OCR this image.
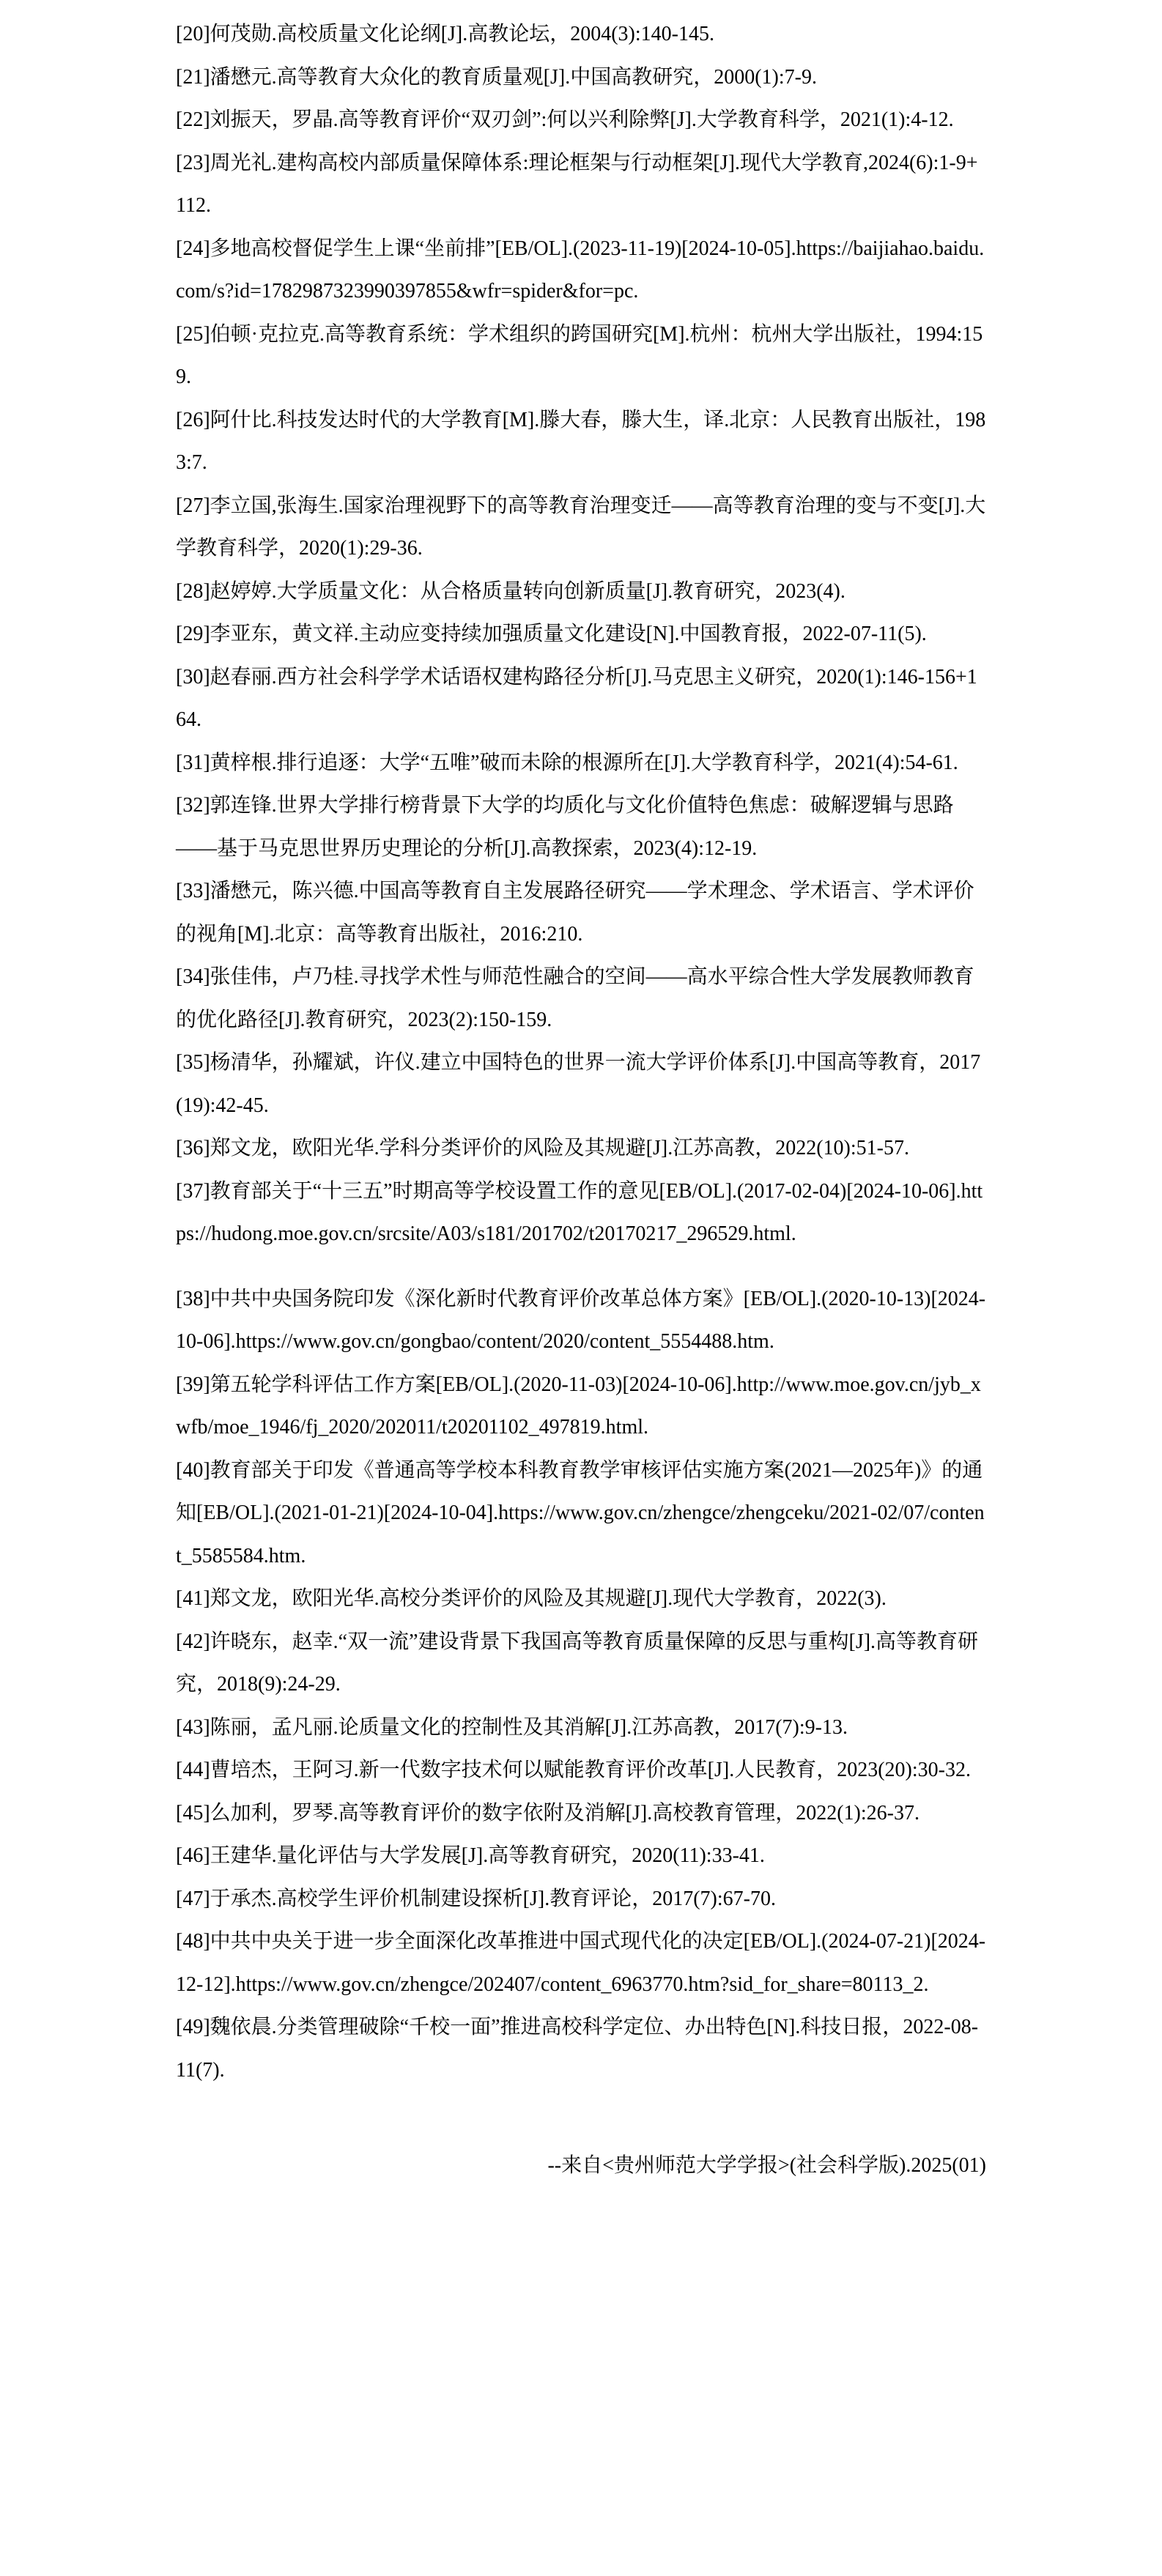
[20]何茂勋.高校质量文化论纲[J].高教论坛，2004(3):140-145.

[21]潘懋元.高等教育大众化的教育质量观[J].中国高教研究，2000(1):7-9.

[22]刘振天，罗晶.高等教育评价“双刃剑”:何以兴利除弊[J].大学教育科学，2021(1):4-12.

[23]周光礼.建构高校内部质量保障体系:理论框架与行动框架[J].现代大学教育,2024(6):1-9+112.

[24]多地高校督促学生上课“坐前排”[EB/OL].(2023-11-19)[2024-10-05].https://baijiahao.baidu.com/s?id=1782987323990397855&wfr=spider&for=pc.

[25]伯顿·克拉克.高等教育系统：学术组织的跨国研究[M].杭州：杭州大学出版社，1994:159.

[26]阿什比.科技发达时代的大学教育[M].滕大春，滕大生，译.北京：人民教育出版社，1983:7.

[27]李立国,张海生.国家治理视野下的高等教育治理变迁——高等教育治理的变与不变[J].大学教育科学，2020(1):29-36.

[28]赵婷婷.大学质量文化：从合格质量转向创新质量[J].教育研究，2023(4).

[29]李亚东，黄文祥.主动应变持续加强质量文化建设[N].中国教育报，2022-07-11(5).

[30]赵春丽.西方社会科学学术话语权建构路径分析[J].马克思主义研究，2020(1):146-156+164.

[31]黄梓根.排行追逐：大学“五唯”破而未除的根源所在[J].大学教育科学，2021(4):54-61.

[32]郭连锋.世界大学排行榜背景下大学的均质化与文化价值特色焦虑：破解逻辑与思路——基于马克思世界历史理论的分析[J].高教探索，2023(4):12-19.

[33]潘懋元，陈兴德.中国高等教育自主发展路径研究——学术理念、学术语言、学术评价的视角[M].北京：高等教育出版社，2016:210.

[34]张佳伟，卢乃桂.寻找学术性与师范性融合的空间——高水平综合性大学发展教师教育的优化路径[J].教育研究，2023(2):150-159.

[35]杨清华，孙耀斌，许仪.建立中国特色的世界一流大学评价体系[J].中国高等教育，2017(19):42-45.

[36]郑文龙，欧阳光华.学科分类评价的风险及其规避[J].江苏高教，2022(10):51-57.

[37]教育部关于“十三五”时期高等学校设置工作的意见[EB/OL].(2017-02-04)[2024-10-06].https://hudong.moe.gov.cn/srcsite/A03/s181/201702/t20170217_296529.html.

[38]中共中央国务院印发《深化新时代教育评价改革总体方案》[EB/OL].(2020-10-13)[2024-10-06].https://www.gov.cn/gongbao/content/2020/content_5554488.htm.

[39]第五轮学科评估工作方案[EB/OL].(2020-11-03)[2024-10-06].http://www.moe.gov.cn/jyb_xwfb/moe_1946/fj_2020/202011/t20201102_497819.html.

[40]教育部关于印发《普通高等学校本科教育教学审核评估实施方案(2021—2025年)》的通知[EB/OL].(2021-01-21)[2024-10-04].https://www.gov.cn/zhengce/zhengceku/2021-02/07/content_5585584.htm.

[41]郑文龙，欧阳光华.高校分类评价的风险及其规避[J].现代大学教育，2022(3).

[42]许晓东，赵幸.“双一流”建设背景下我国高等教育质量保障的反思与重构[J].高等教育研究，2018(9):24-29.

[43]陈丽，孟凡丽.论质量文化的控制性及其消解[J].江苏高教，2017(7):9-13.

[44]曹培杰，王阿习.新一代数字技术何以赋能教育评价改革[J].人民教育，2023(20):30-32.

[45]么加利，罗琴.高等教育评价的数字依附及消解[J].高校教育管理，2022(1):26-37.

[46]王建华.量化评估与大学发展[J].高等教育研究，2020(11):33-41.

[47]于承杰.高校学生评价机制建设探析[J].教育评论，2017(7):67-70.

[48]中共中央关于进一步全面深化改革推进中国式现代化的决定[EB/OL].(2024-07-21)[2024-12-12].https://www.gov.cn/zhengce/202407/content_6963770.htm?sid_for_share=80113_2.

[49]魏依晨.分类管理破除“千校一面”推进高校科学定位、办出特色[N].科技日报，2022-08-11(7).

--来自<贵州师范大学学报>(社会科学版).2025(01)
